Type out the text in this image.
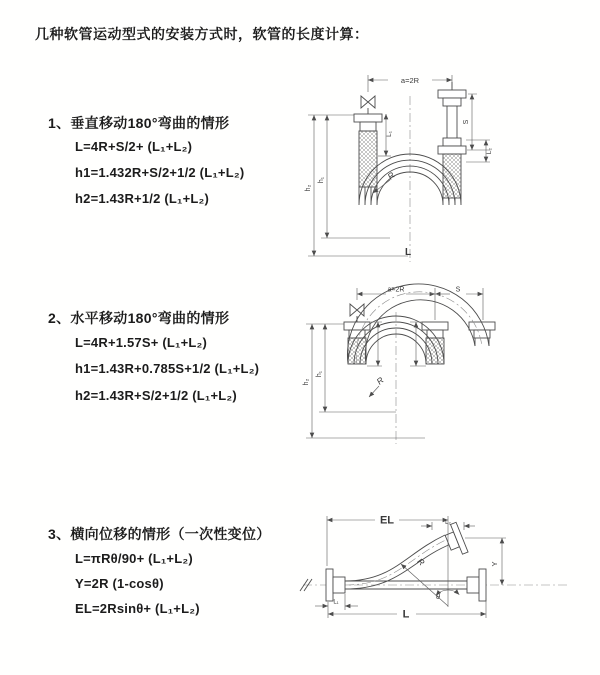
几种软管运动型式的安装方式时，软管的长度计算：
1、垂直移动180°弯曲的情形
L=4R+S/2+ (L₁+L₂)
h1=1.432R+S/2+1/2 (L₁+L₂)
h2=1.43R+1/2 (L₁+L₂)
2、水平移动180°弯曲的情形
L=4R+1.57S+ (L₁+L₂)
h1=1.43R+0.785S+1/2 (L₁+L₂)
h2=1.43R+S/2+1/2 (L₁+L₂)
3、横向位移的情形（一次性变位）
L=πRθ/90+ (L₁+L₂)
Y=2R (1-cosθ)
EL=2Rsinθ+ (L₁+L₂)
a=2R
h₂
h₁
L₁
S
L₂
R
L
a=2R	S
h₂
h₁
R
EL	L₂
Y
L
L₁
R
θ
